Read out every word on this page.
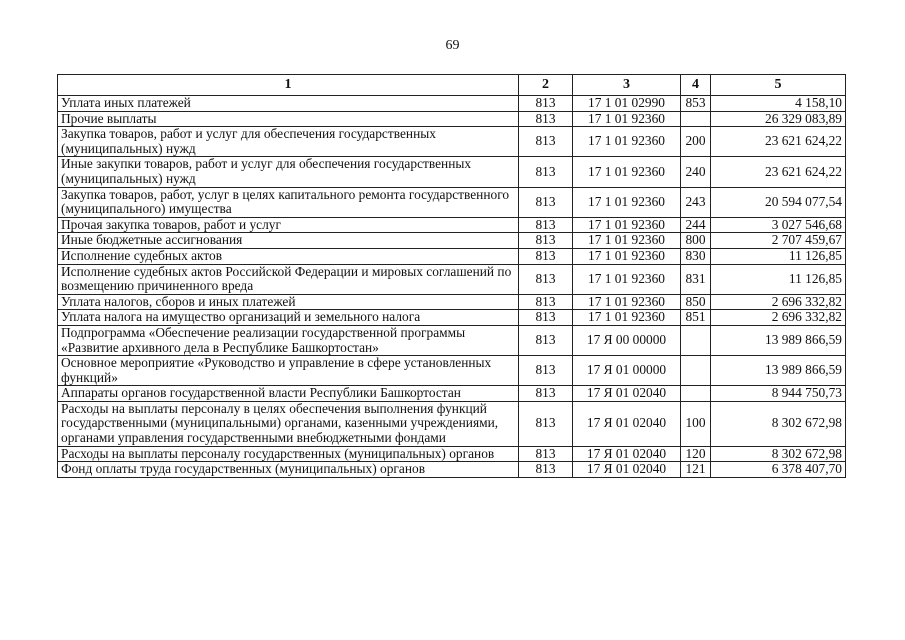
69
1	2	3	4	5
Уплата иных платежей	813	17 1 01 02990	853	4 158,10
Прочие выплаты	813	17 1 01 92360		26 329 083,89
Закупка товаров, работ и услуг для обеспечения государственных (муниципальных) нужд	813	17 1 01 92360	200	23 621 624,22
Иные закупки товаров, работ и услуг для обеспечения государственных (муниципальных) нужд	813	17 1 01 92360	240	23 621 624,22
Закупка товаров, работ, услуг в целях капитального ремонта государственного (муниципального) имущества	813	17 1 01 92360	243	20 594 077,54
Прочая закупка товаров, работ и услуг	813	17 1 01 92360	244	3 027 546,68
Иные бюджетные ассигнования	813	17 1 01 92360	800	2 707 459,67
Исполнение судебных актов	813	17 1 01 92360	830	11 126,85
Исполнение судебных актов Российской Федерации и мировых соглашений по возмещению причиненного вреда	813	17 1 01 92360	831	11 126,85
Уплата налогов, сборов и иных платежей	813	17 1 01 92360	850	2 696 332,82
Уплата налога на имущество организаций и земельного налога	813	17 1 01 92360	851	2 696 332,82
Подпрограмма «Обеспечение реализации государственной программы «Развитие архивного дела в Республике Башкортостан»	813	17 Я 00 00000		13 989 866,59
Основное мероприятие «Руководство и управление в сфере установленных функций»	813	17 Я 01 00000		13 989 866,59
Аппараты органов государственной власти Республики Башкортостан	813	17 Я 01 02040		8 944 750,73
Расходы на выплаты персоналу в целях обеспечения выполнения функций государственными (муниципальными) органами, казенными учреждениями, органами управления государственными внебюджетными фондами	813	17 Я 01 02040	100	8 302 672,98
Расходы на выплаты персоналу государственных (муниципальных) органов	813	17 Я 01 02040	120	8 302 672,98
Фонд оплаты труда государственных (муниципальных) органов	813	17 Я 01 02040	121	6 378 407,70
